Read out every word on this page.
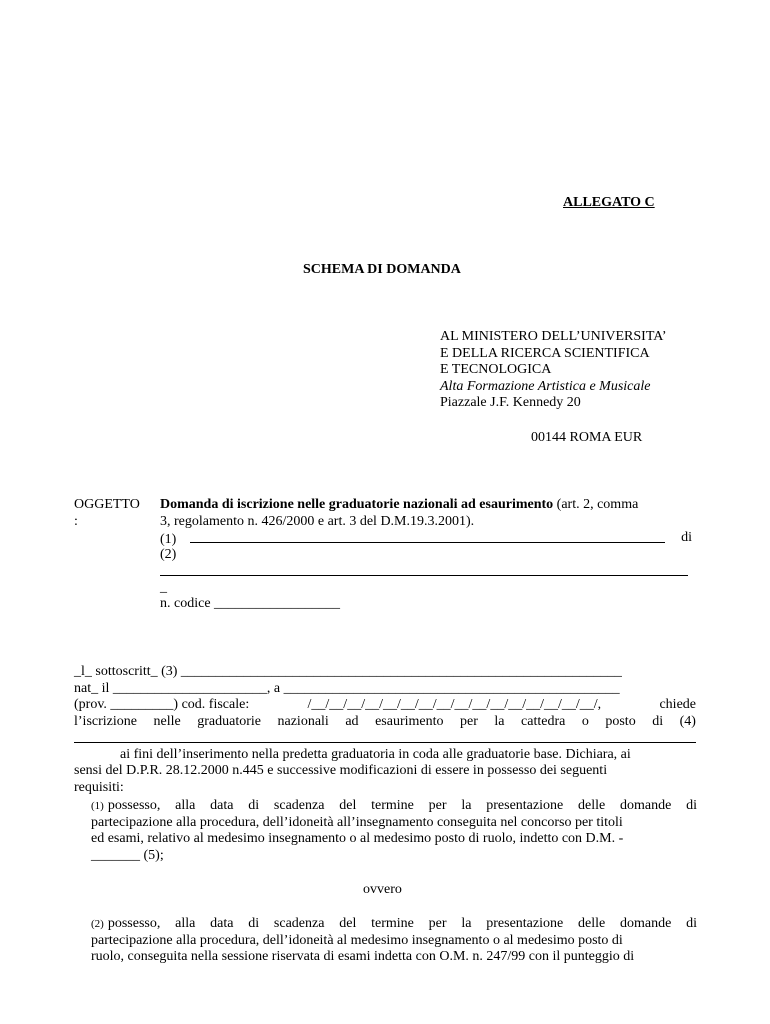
ALLEGATO C
SCHEMA DI DOMANDA
AL MINISTERO DELL’UNIVERSITA’
E DELLA RICERCA SCIENTIFICA
E TECNOLOGICA
Alta Formazione Artistica e Musicale
Piazzale J.F. Kennedy 20
00144 ROMA EUR
OGGETTO
:
Domanda di iscrizione nelle graduatorie nazionali ad esaurimento (art. 2, comma
3, regolamento n. 426/2000 e art. 3 del D.M.19.3.2001).
(1)	di
(2)
_
n. codice __________________
_l_ sottoscritt_ (3) _______________________________________________________________
nat_ il ______________________, a ________________________________________________
(prov. _________) cod. fiscale:	/__/__/__/__/__/__/__/__/__/__/__/__/__/__/__/__/,	chiede
l’iscrizione nelle graduatorie nazionali ad esaurimento per la cattedra o posto di (4)
ai fini dell’inserimento nella predetta graduatoria in coda alle graduatorie base. Dichiara, ai
sensi del D.P.R. 28.12.2000 n.445 e successive modificazioni di essere in possesso dei seguenti
requisiti:
(1) possesso, alla data di scadenza del termine per la presentazione delle domande di
partecipazione alla procedura, dell’idoneità all’insegnamento conseguita nel concorso per titoli
ed esami, relativo al medesimo insegnamento o al medesimo posto di ruolo, indetto con D.M. -
_______ (5);
ovvero
(2) possesso, alla data di scadenza del termine per la presentazione delle domande di
partecipazione alla procedura, dell’idoneità al medesimo insegnamento o al medesimo posto di
ruolo, conseguita nella sessione riservata di esami indetta con O.M. n. 247/99 con il punteggio di
